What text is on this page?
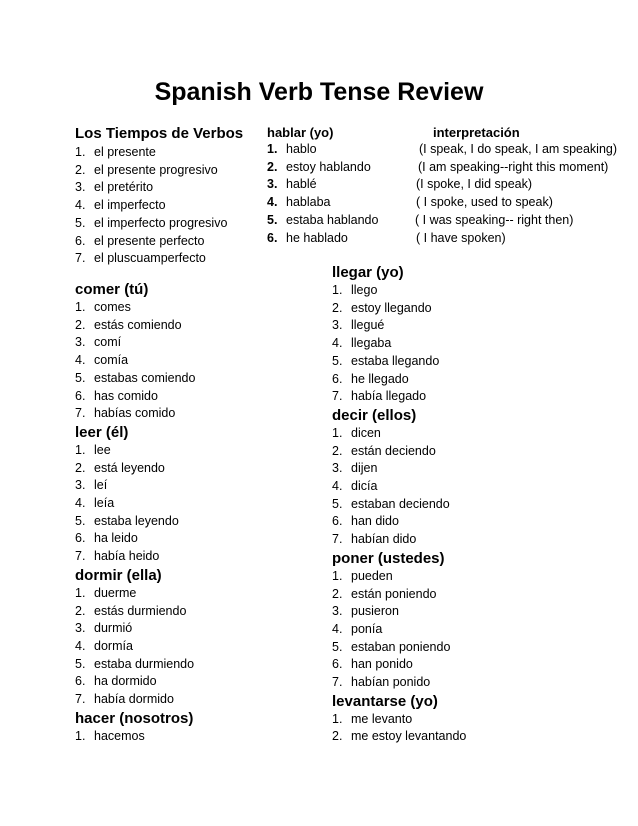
Spanish Verb Tense Review
Los Tiempos de Verbos
1. el presente
2. el presente progresivo
3. el pretérito
4. el imperfecto
5. el imperfecto progresivo
6. el presente perfecto
7. el pluscuamperfecto
hablar (yo)
1. hablo
2. estoy hablando
3. hablé
4. hablaba
5. estaba hablando
6. he hablado
interpretación
(I speak, I do speak, I am speaking)
(I am speaking--right this moment)
(I spoke, I did speak)
( I spoke, used to speak)
( I was speaking-- right then)
( I have spoken)
comer (tú)
1. comes
2. estás comiendo
3. comí
4. comía
5. estabas comiendo
6. has comido
7. habías comido
leer (él)
1. lee
2. está leyendo
3. leí
4. leía
5. estaba leyendo
6. ha leido
7. había heido
dormir (ella)
1. duerme
2. estás durmiendo
3. durmió
4. dormía
5. estaba durmiendo
6. ha dormido
7. había dormido
hacer (nosotros)
1. hacemos
llegar (yo)
1. llego
2. estoy llegando
3. llegué
4. llegaba
5. estaba llegando
6. he llegado
7. había llegado
decir (ellos)
1. dicen
2. están deciendo
3. dijen
4. dicía
5. estaban deciendo
6. han dido
7. habían dido
poner (ustedes)
1. pueden
2. están poniendo
3. pusieron
4. ponía
5. estaban poniendo
6. han ponido
7. habían ponido
levantarse (yo)
1. me levanto
2. me estoy levantando
